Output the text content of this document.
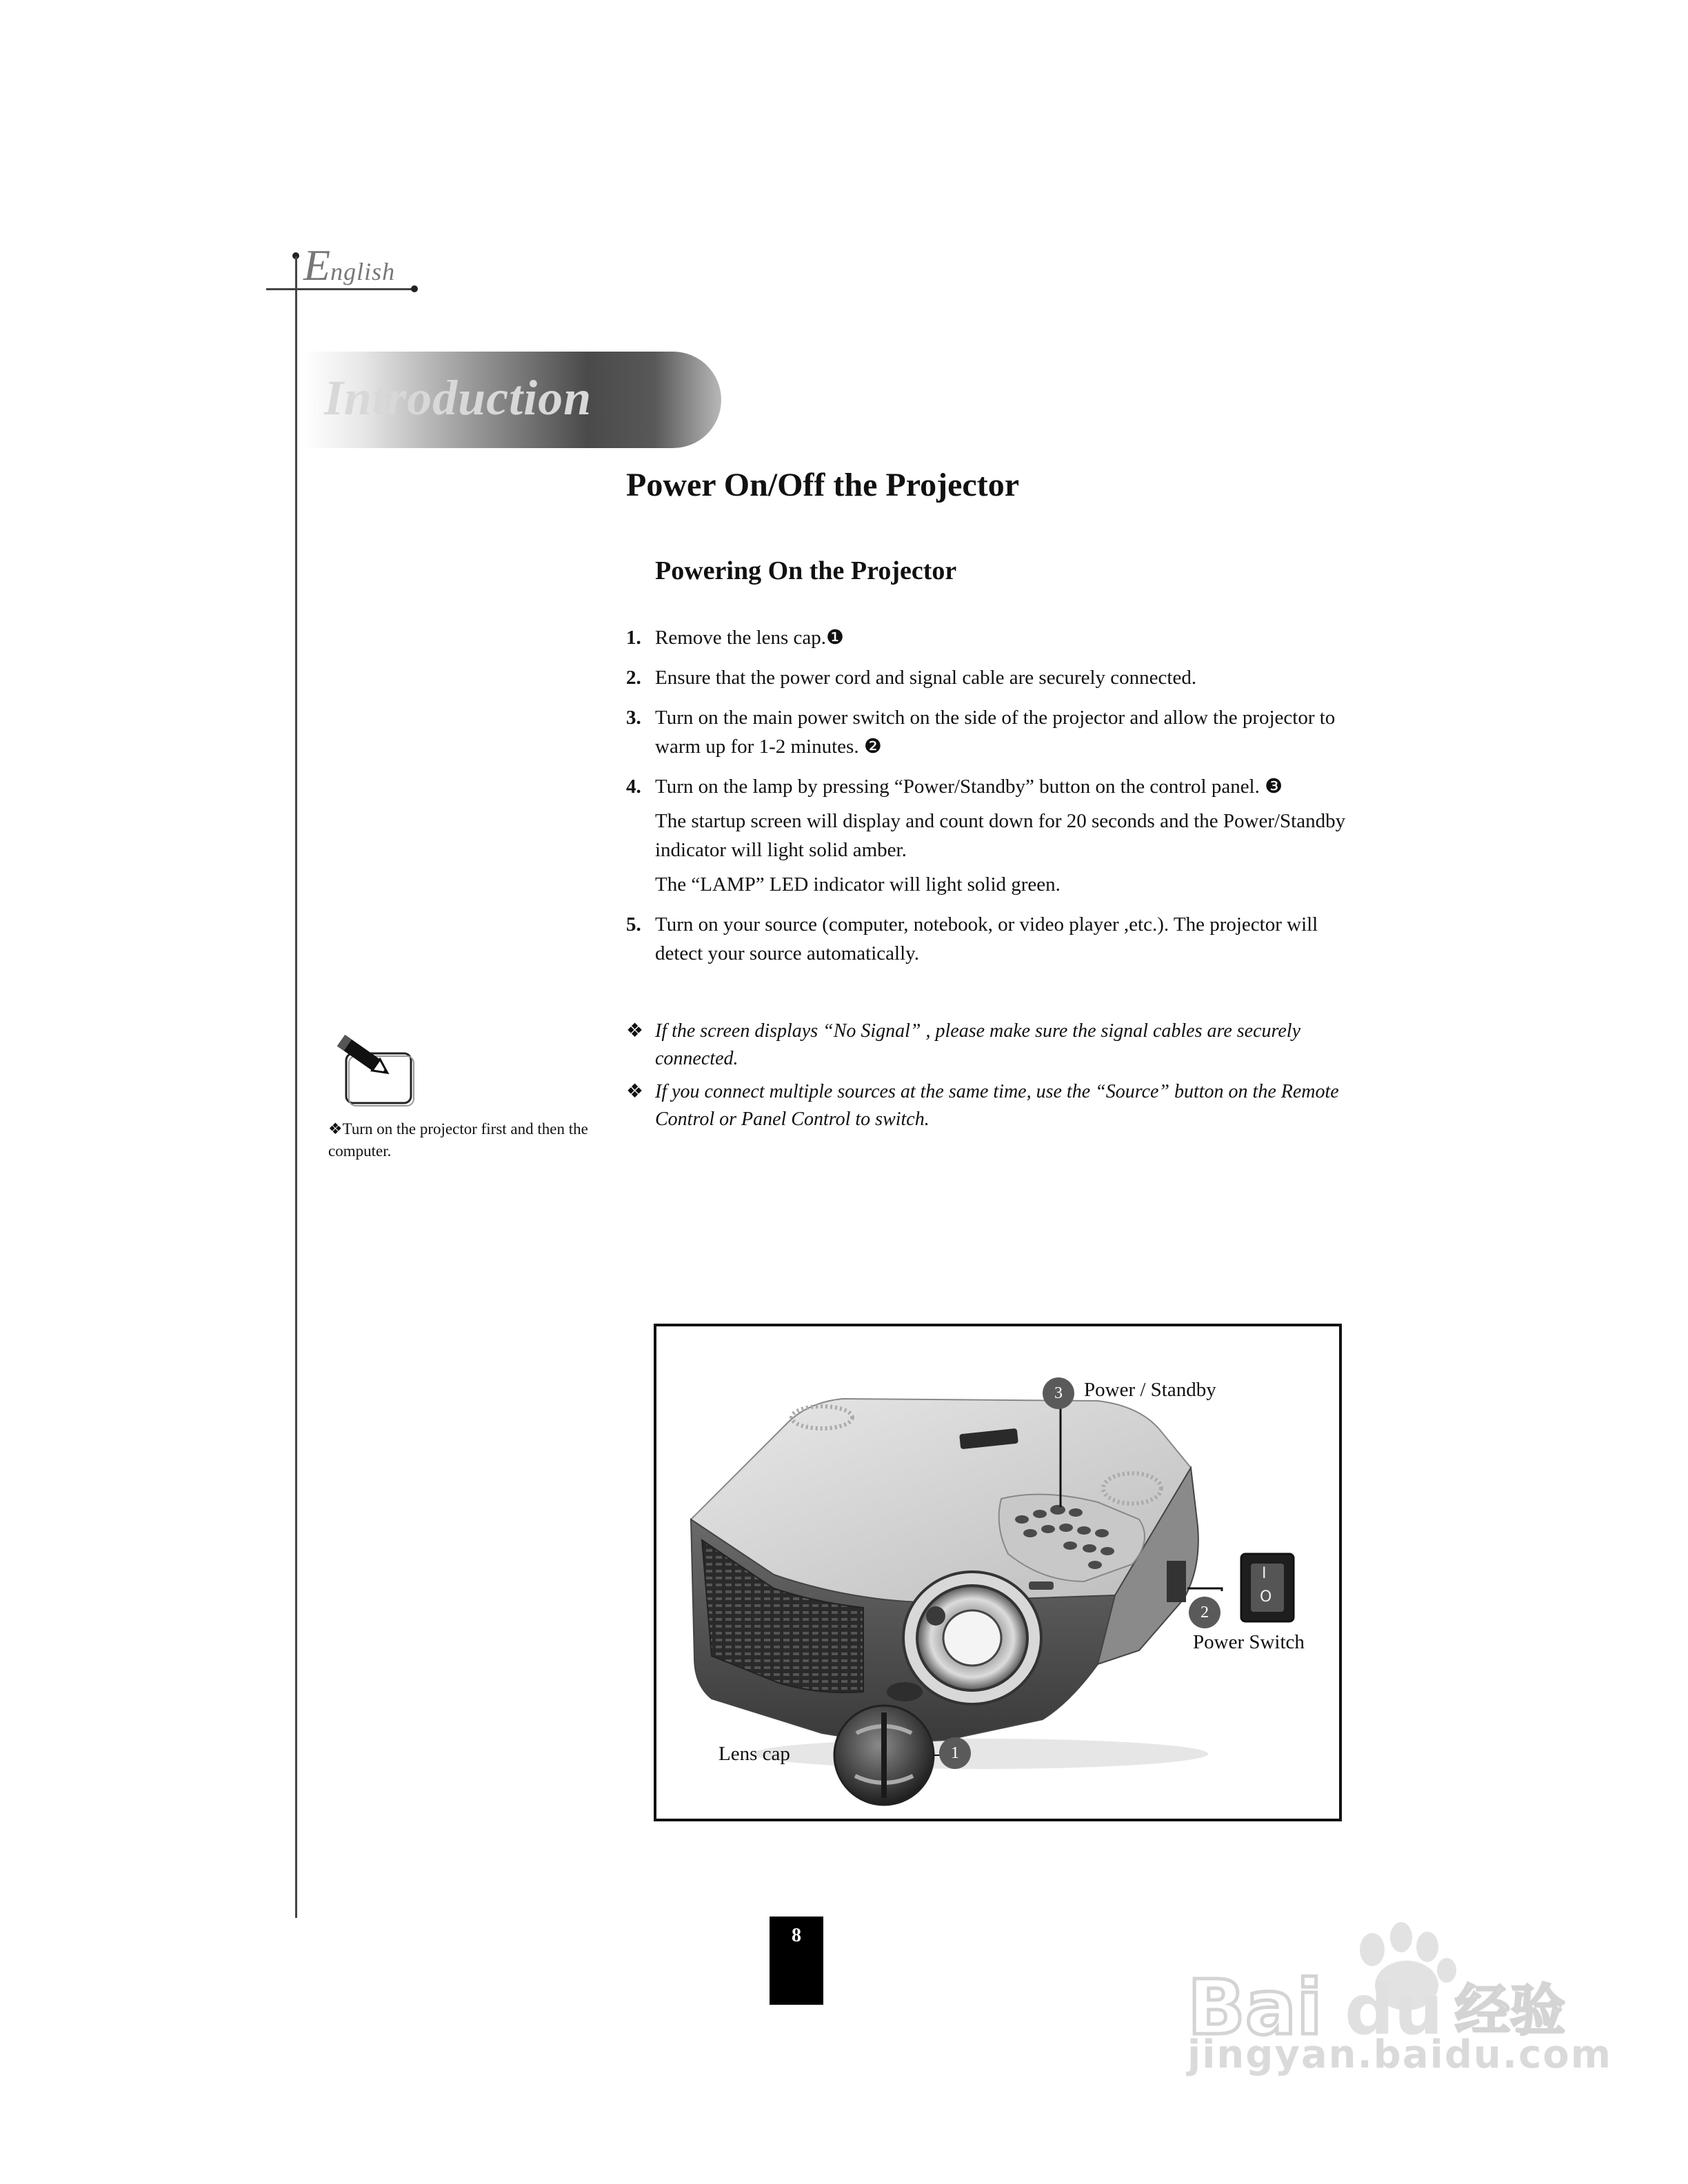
English
Introduction
Power On/Off the Projector
Powering On the Projector
1. Remove the lens cap.❶

2. Ensure that the power cord and signal cable are securely connected.

3. Turn on the main power switch on the side of the projector and allow the projector to warm up for 1-2 minutes. ❷

4. Turn on the lamp by pressing “Power/Standby” button on the control panel. ❸

The startup screen will display and count down for 20 seconds and the Power/Standby indicator will light solid amber.

The “LAMP” LED indicator will light solid green.

5. Turn on your source (computer, notebook, or video player ,etc.). The projector will detect your source automatically.

❖ If the screen displays “No Signal” , please make sure the signal cables are securely connected.
❖ If you connect multiple sources at the same time, use the “Source” button on the Remote Control or Panel Control to switch.
❖Turn on the projector first and then the computer.
I
O
3	Power / Standby
2
Power Switch
1
Lens cap
8
Bai du 经验
jingyan.baidu.com
